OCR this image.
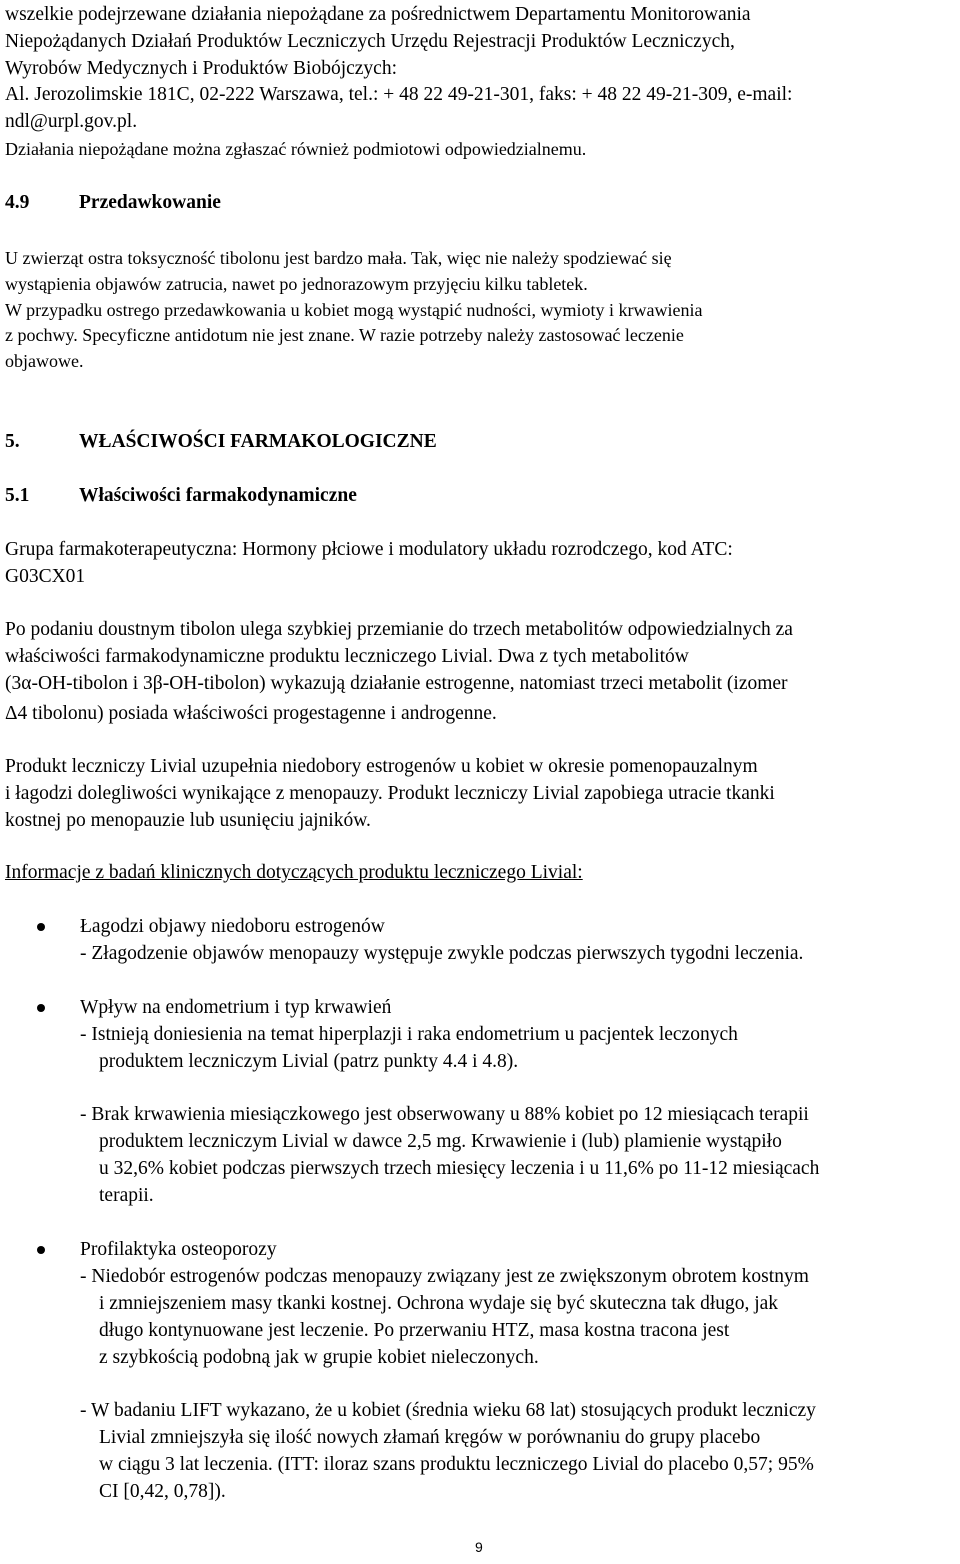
wszelkie podejrzewane działania niepożądane za pośrednictwem Departamentu Monitorowania
Niepożądanych Działań Produktów Leczniczych Urzędu Rejestracji Produktów Leczniczych,
Wyrobów Medycznych i Produktów Biobójczych:
Al. Jerozolimskie 181C, 02-222 Warszawa, tel.: + 48 22 49-21-301, faks: + 48 22 49-21-309, e-mail:
ndl@urpl.gov.pl.
Działania niepożądane można zgłaszać również podmiotowi odpowiedzialnemu.
4.9	Przedawkowanie
U zwierząt ostra toksyczność tibolonu jest bardzo mała. Tak, więc nie należy spodziewać się
wystąpienia objawów zatrucia, nawet po jednorazowym przyjęciu kilku tabletek.
W przypadku ostrego przedawkowania u kobiet mogą wystąpić nudności, wymioty i krwawienia
z pochwy. Specyficzne antidotum nie jest znane. W razie potrzeby należy zastosować leczenie
objawowe.
5.	WŁAŚCIWOŚCI FARMAKOLOGICZNE
5.1	Właściwości farmakodynamiczne
Grupa farmakoterapeutyczna: Hormony płciowe i modulatory układu rozrodczego, kod ATC:
G03CX01
Po podaniu doustnym tibolon ulega szybkiej przemianie do trzech metabolitów odpowiedzialnych za
właściwości farmakodynamiczne produktu leczniczego Livial. Dwa z tych metabolitów
(3α-OH-tibolon i 3β-OH-tibolon) wykazują działanie estrogenne, natomiast trzeci metabolit (izomer
Δ4 tibolonu) posiada właściwości progestagenne i androgenne.
Produkt leczniczy Livial uzupełnia niedobory estrogenów u kobiet w okresie pomenopauzalnym
i łagodzi dolegliwości wynikające z menopauzy. Produkt leczniczy Livial zapobiega utracie tkanki
kostnej po menopauzie lub usunięciu jajników.
Informacje z badań klinicznych dotyczących produktu leczniczego Livial:
Łagodzi objawy niedoboru estrogenów
- Złagodzenie objawów menopauzy występuje zwykle podczas pierwszych tygodni leczenia.
Wpływ na endometrium i typ krwawień
- Istnieją doniesienia na temat hiperplazji i raka endometrium u pacjentek leczonych
produktem leczniczym Livial (patrz punkty 4.4 i 4.8).
- Brak krwawienia miesiączkowego jest obserwowany u 88% kobiet po 12 miesiącach terapii
produktem leczniczym Livial w dawce 2,5 mg. Krwawienie i (lub) plamienie wystąpiło
u 32,6% kobiet podczas pierwszych trzech miesięcy leczenia i u 11,6% po 11-12 miesiącach
terapii.
Profilaktyka osteoporozy
- Niedobór estrogenów podczas menopauzy związany jest ze zwiększonym obrotem kostnym
i zmniejszeniem masy tkanki kostnej. Ochrona wydaje się być skuteczna tak długo, jak
długo kontynuowane jest leczenie. Po przerwaniu HTZ, masa kostna tracona jest
z szybkością podobną jak w grupie kobiet nieleczonych.
- W badaniu LIFT wykazano, że u kobiet (średnia wieku 68 lat) stosujących produkt leczniczy
Livial zmniejszyła się ilość nowych złamań kręgów w porównaniu do grupy placebo
w ciągu 3 lat leczenia. (ITT: iloraz szans produktu leczniczego Livial do placebo 0,57; 95%
CI [0,42, 0,78]).
9
